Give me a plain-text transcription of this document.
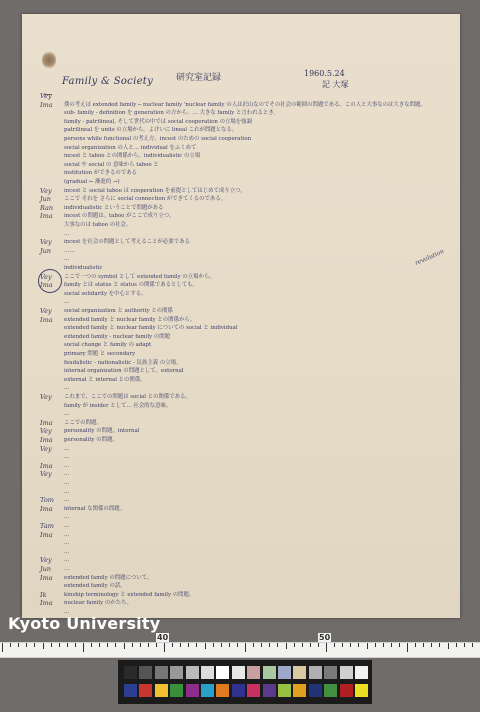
Family & Society	研究室記録	1960.5.24
記 大塚
Vey
Ima 僕の考えは extended family ─ nuclear family 'nuclear family の人は沢山なのでその社会の範囲の問題である。この人と大事なのは大きな問題。
sub- family - definition を generation の方から。… 大きな family と言われるとき。
family - patrilineal, そして世代の中では social cooperation の立場を強調
patrilineal を units の立場から。よけいに lineal これが問題となる。
persons while functional の考え方。incest のための social cooperation
social organization の人と… individual をふくめて
incest と taboo との関係から。individualistic の立場
social や social の 意味から taboo と
institution ができるのである
(gradual ← 漸進的 →)
Vey incest と social taboo は cooperation を前提としてはじめて成り立つ。
Jun ここで それを さらに social connection ができてくるのである。
Ran individualistic ということで問題がある
Ima incest の問題は。taboo がここで成り立つ。
大事なのは taboo の社会。
…
Vey incest を社会の問題として考えることが必要である
Jun ……
…
individualistic
Vey ここで一つの symbol として extended family の立場から。
Ima family とは status と status の関係であるとしても。
social solidarity を中心とする。
…
Vey social organization と authority との関係
Ima extended family と nuclear family との関係から。
extended family と nuclear family についての social と individual
extended family - nuclear family の問題
social change と family の adapt
primary 問題 と secondary
feudalistic - nationalistic - 民族主義 の立場。
internal organization の問題として。external
external と internal との関係。
…
Vey これまで、ここでの問題は social との関係である。
family が insider として… 社会的な意味。
…
Ima ここでの問題。
Vey personality の問題。internal
Ima personality の問題。
Vey …
…
Ima …
Vey …
…
…
Tom …
Ima internal な関係の問題。
…
Tam …
Ima …
…
…
Vey …
Jun …
Ima extended family の問題について。
extended family の話。
Ik	kinship terminology と extended family の問題。
Ima nuclear family のかたち。
…
revolution
Kyoto University
40	50
